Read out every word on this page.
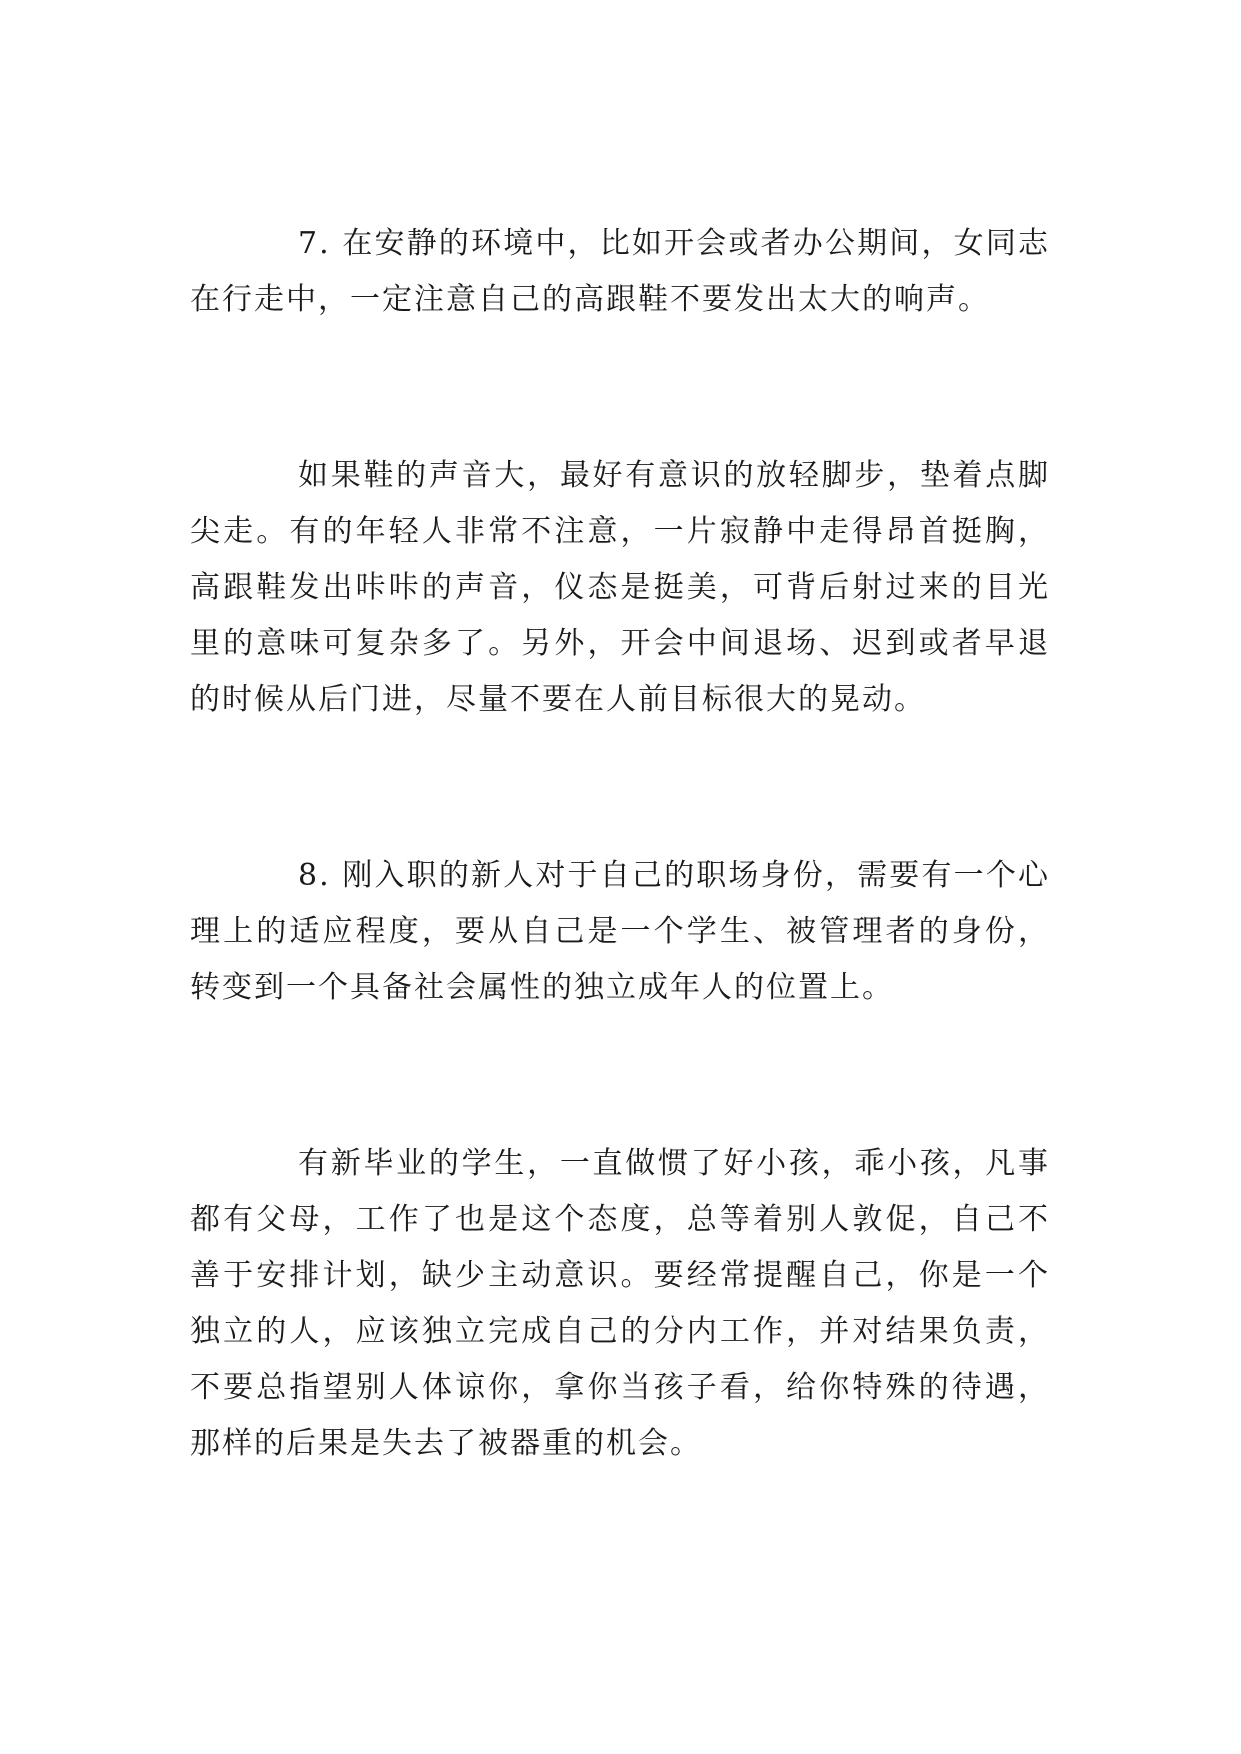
7. 在安静的环境中，比如开会或者办公期间，女同志在行走中，一定注意自己的高跟鞋不要发出太大的响声。

如果鞋的声音大，最好有意识的放轻脚步，垫着点脚尖走。有的年轻人非常不注意，一片寂静中走得昂首挺胸，高跟鞋发出咔咔的声音，仪态是挺美，可背后射过来的目光里的意味可复杂多了。另外，开会中间退场、迟到或者早退的时候从后门进，尽量不要在人前目标很大的晃动。

8. 刚入职的新人对于自己的职场身份，需要有一个心理上的适应程度，要从自己是一个学生、被管理者的身份，转变到一个具备社会属性的独立成年人的位置上。

有新毕业的学生，一直做惯了好小孩，乖小孩，凡事都有父母，工作了也是这个态度，总等着别人敦促，自己不善于安排计划，缺少主动意识。要经常提醒自己，你是一个独立的人，应该独立完成自己的分内工作，并对结果负责，不要总指望别人体谅你，拿你当孩子看，给你特殊的待遇，那样的后果是失去了被器重的机会。
